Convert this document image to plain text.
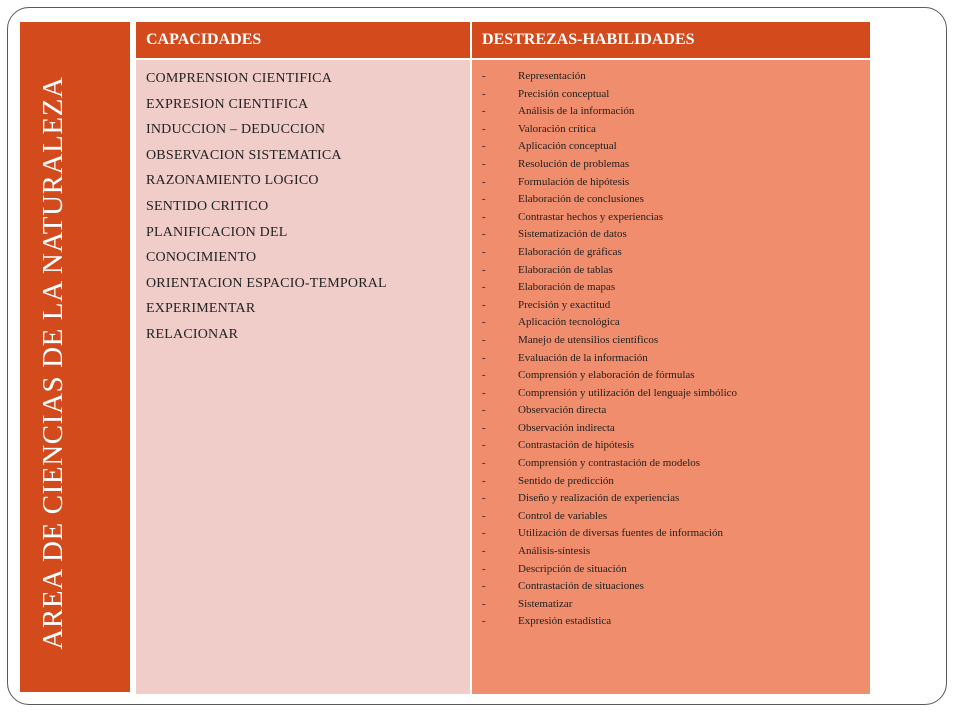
AREA DE CIENCIAS DE LA NATURALEZA
CAPACIDADES	DESTREZAS-HABILIDADES
COMPRENSION CIENTIFICA
EXPRESION CIENTIFICA
INDUCCION – DEDUCCION
OBSERVACION SISTEMATICA
RAZONAMIENTO LOGICO
SENTIDO CRITICO
PLANIFICACION DEL
CONOCIMIENTO
ORIENTACION ESPACIO-TEMPORAL
EXPERIMENTAR
RELACIONAR
-	Representación
-	Precisión conceptual
-	Análisis de la información
-	Valoración crítica
-	Aplicación conceptual
-	Resolución de problemas
-	Formulación de hipótesis
-	Elaboración de conclusiones
-	Contrastar hechos y experiencias
-	Sistematización de datos
-	Elaboración de gráficas
-	Elaboración de tablas
-	Elaboración de mapas
-	Precisión y exactitud
-	Aplicación tecnológica
-	Manejo de utensilios científicos
-	Evaluación de la información
-	Comprensión y elaboración de fórmulas
-	Comprensión y utilización del lenguaje simbólico
-	Observación directa
-	Observación indirecta
-	Contrastación de hipótesis
-	Comprensión y contrastación de modelos
-	Sentido de predicción
-	Diseño y realización de experiencias
-	Control de variables
-	Utilización de diversas fuentes de información
-	Análisis-síntesis
-	Descripción de situación
-	Contrastación de situaciones
-	Sistematizar
-	Expresión estadística
